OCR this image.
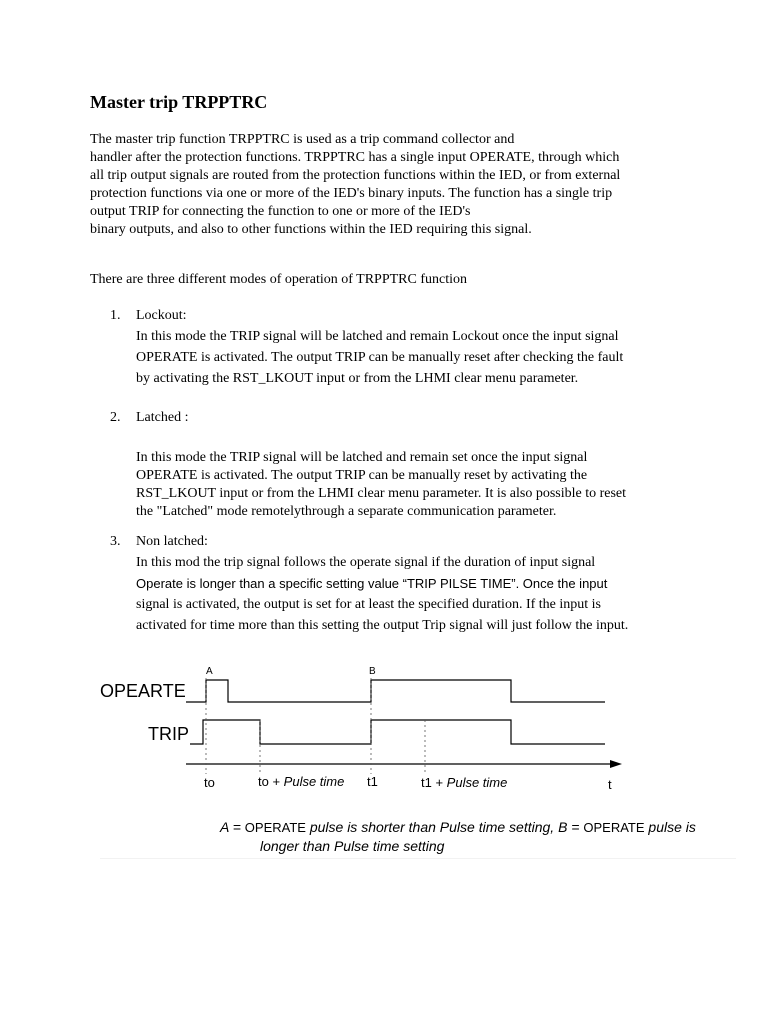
Master trip TRPPTRC
The master trip function TRPPTRC is used as a trip command collector and
handler after the protection functions. TRPPTRC has a single input OPERATE, through which
all trip output signals are routed from the protection functions within the IED, or from external
protection functions via one or more of the IED's binary inputs. The function has a single trip
output TRIP for connecting the function to one or more of the IED's
binary outputs, and also to other functions within the IED requiring this signal.
There are three different modes of operation of TRPPTRC function
1.	Lockout:
In this mode the TRIP signal will be latched and remain Lockout once the input signal
OPERATE is activated. The output TRIP can be manually reset after checking the fault
by activating the RST_LKOUT input or from the LHMI clear menu parameter.
2.	Latched :
In this mode the TRIP signal will be latched and remain set once the input signal
OPERATE is activated. The output TRIP can be manually reset by activating the
RST_LKOUT input or from the LHMI clear menu parameter. It is also possible to reset
the "Latched" mode remotelythrough a separate communication parameter.
3.	Non latched:
In this mod the trip signal follows the operate signal if the duration of input signal
Operate is longer than a specific setting value “TRIP PILSE TIME”. Once the input
signal is activated, the output is set for at least the specified duration. If the input is
activated for time more than this setting the output Trip signal will just follow the input.
OPEARTE
TRIP
A	B
to	to + Pulse time t1	t1 + Pulse time	t
A = OPERATE pulse is shorter than Pulse time setting, B = OPERATE pulse is
longer than Pulse time setting
